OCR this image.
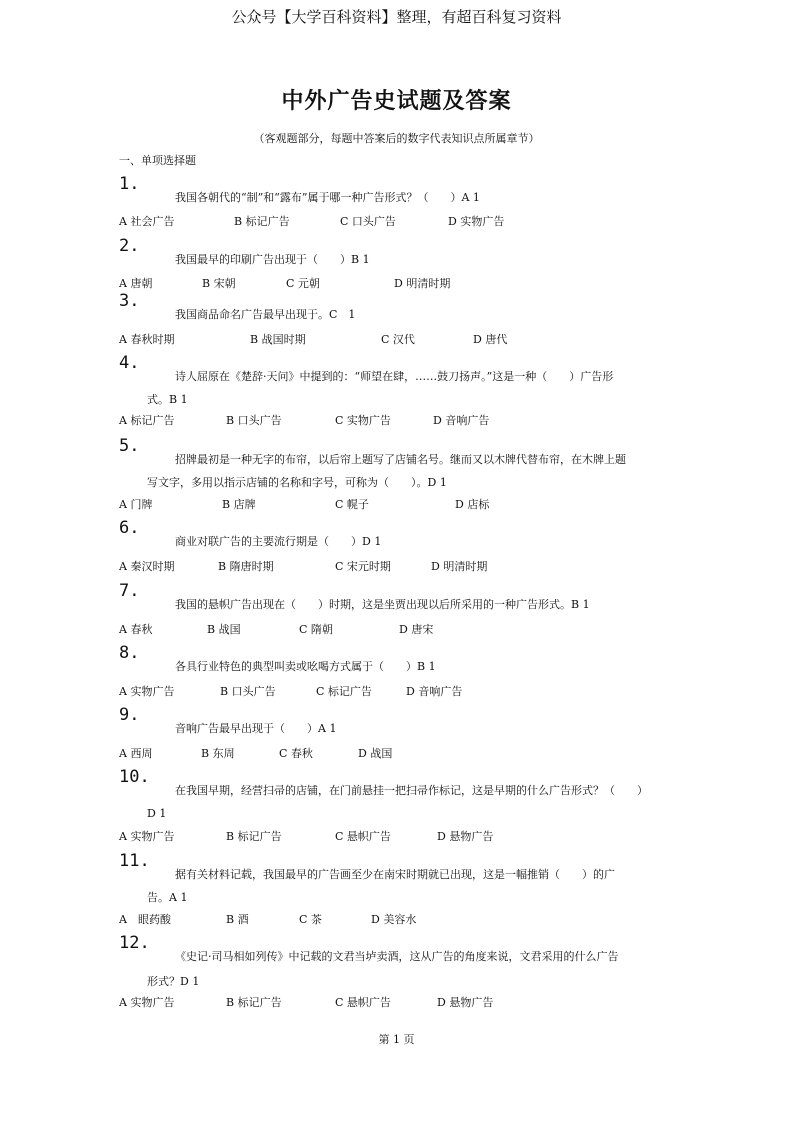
公众号【大学百科资料】整理，有超百科复习资料
中外广告史试题及答案
（客观题部分，每题中答案后的数字代表知识点所属章节）
一、单项选择题
1.
我国各朝代的“制”和“露布”属于哪一种广告形式？（　　）A 1
A 社会广告	B 标记广告	C 口头广告	D 实物广告
2.
我国最早的印刷广告出现于（　　）B 1
A 唐朝	B 宋朝	C 元朝	D 明清时期
3.
我国商品命名广告最早出现于。C　1
A 春秋时期	B 战国时期	C 汉代	D 唐代
4.
诗人屈原在《楚辞·天问》中提到的：“师望在肆，……鼓刀扬声。”这是一种（　　）广告形
式。B 1
A 标记广告	B 口头广告	C 实物广告	D 音响广告
5.
招牌最初是一种无字的布帘，以后帘上题写了店铺名号。继而又以木牌代替布帘，在木牌上题
写文字，多用以指示店铺的名称和字号，可称为（　　）。D 1
A 门牌	B 店牌	C 幌子	D 店标
6.
商业对联广告的主要流行期是（　　）D 1
A 秦汉时期	B 隋唐时期	C 宋元时期	D 明清时期
7.
我国的悬帜广告出现在（　　）时期，这是坐贾出现以后所采用的一种广告形式。B 1
A 春秋	B 战国	C 隋朝	D 唐宋
8.
各具行业特色的典型叫卖或吆喝方式属于（　　）B 1
A 实物广告	B 口头广告	C 标记广告	D 音响广告
9.
音响广告最早出现于（　　）A 1
A 西周	B 东周	C 春秋	D 战国
10.
在我国早期，经营扫帚的店铺，在门前悬挂一把扫帚作标记，这是早期的什么广告形式？（　　）
D 1
A 实物广告	B 标记广告	C 悬帜广告	D 悬物广告
11.
据有关材料记载，我国最早的广告画至少在南宋时期就已出现，这是一幅推销（　　）的广
告。A 1
A　眼药酸	B 酒	C 茶	D 美容水
12.
《史记·司马相如列传》中记载的文君当垆卖酒，这从广告的角度来说，文君采用的什么广告
形式？D 1
A 实物广告	B 标记广告	C 悬帜广告	D 悬物广告
第 1 页
